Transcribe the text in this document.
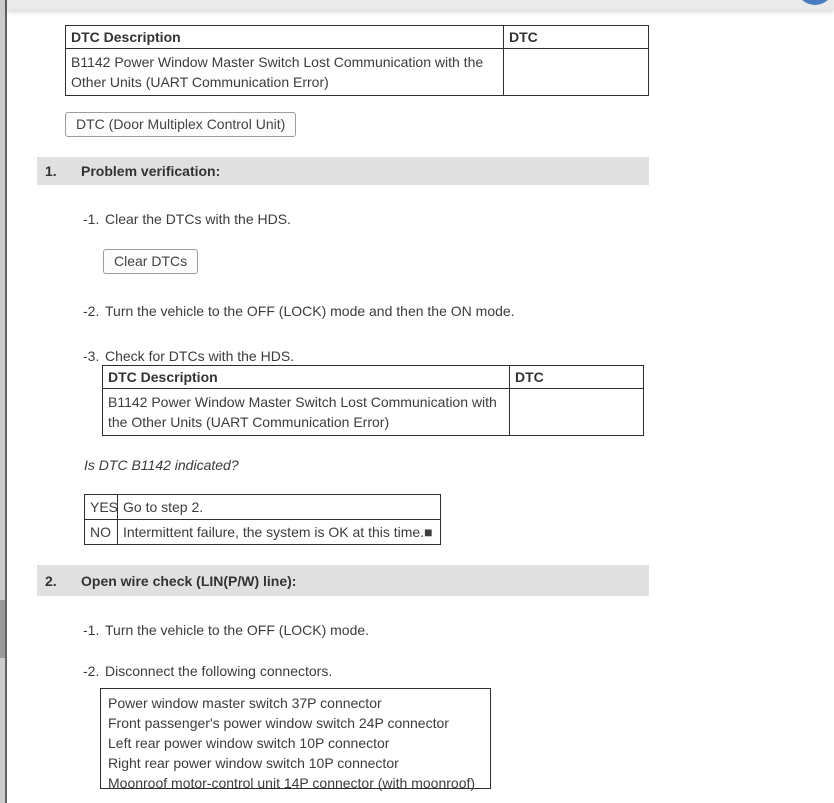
DTC Description	DTC
B1142 Power Window Master Switch Lost Communication with the Other Units (UART Communication Error)	
DTC (Door Multiplex Control Unit)
1.	Problem verification:
-1. Clear the DTCs with the HDS.
Clear DTCs
-2. Turn the vehicle to the OFF (LOCK) mode and then the ON mode.
-3. Check for DTCs with the HDS.
DTC Description	DTC
B1142 Power Window Master Switch Lost Communication with the Other Units (UART Communication Error)	
Is DTC B1142 indicated?
YES	Go to step 2.
NO	Intermittent failure, the system is OK at this time.■
2.	Open wire check (LIN(P/W) line):
-1. Turn the vehicle to the OFF (LOCK) mode.
-2. Disconnect the following connectors.
Power window master switch 37P connector
Front passenger's power window switch 24P connector
Left rear power window switch 10P connector
Right rear power window switch 10P connector
Moonroof motor-control unit 14P connector (with moonroof)
